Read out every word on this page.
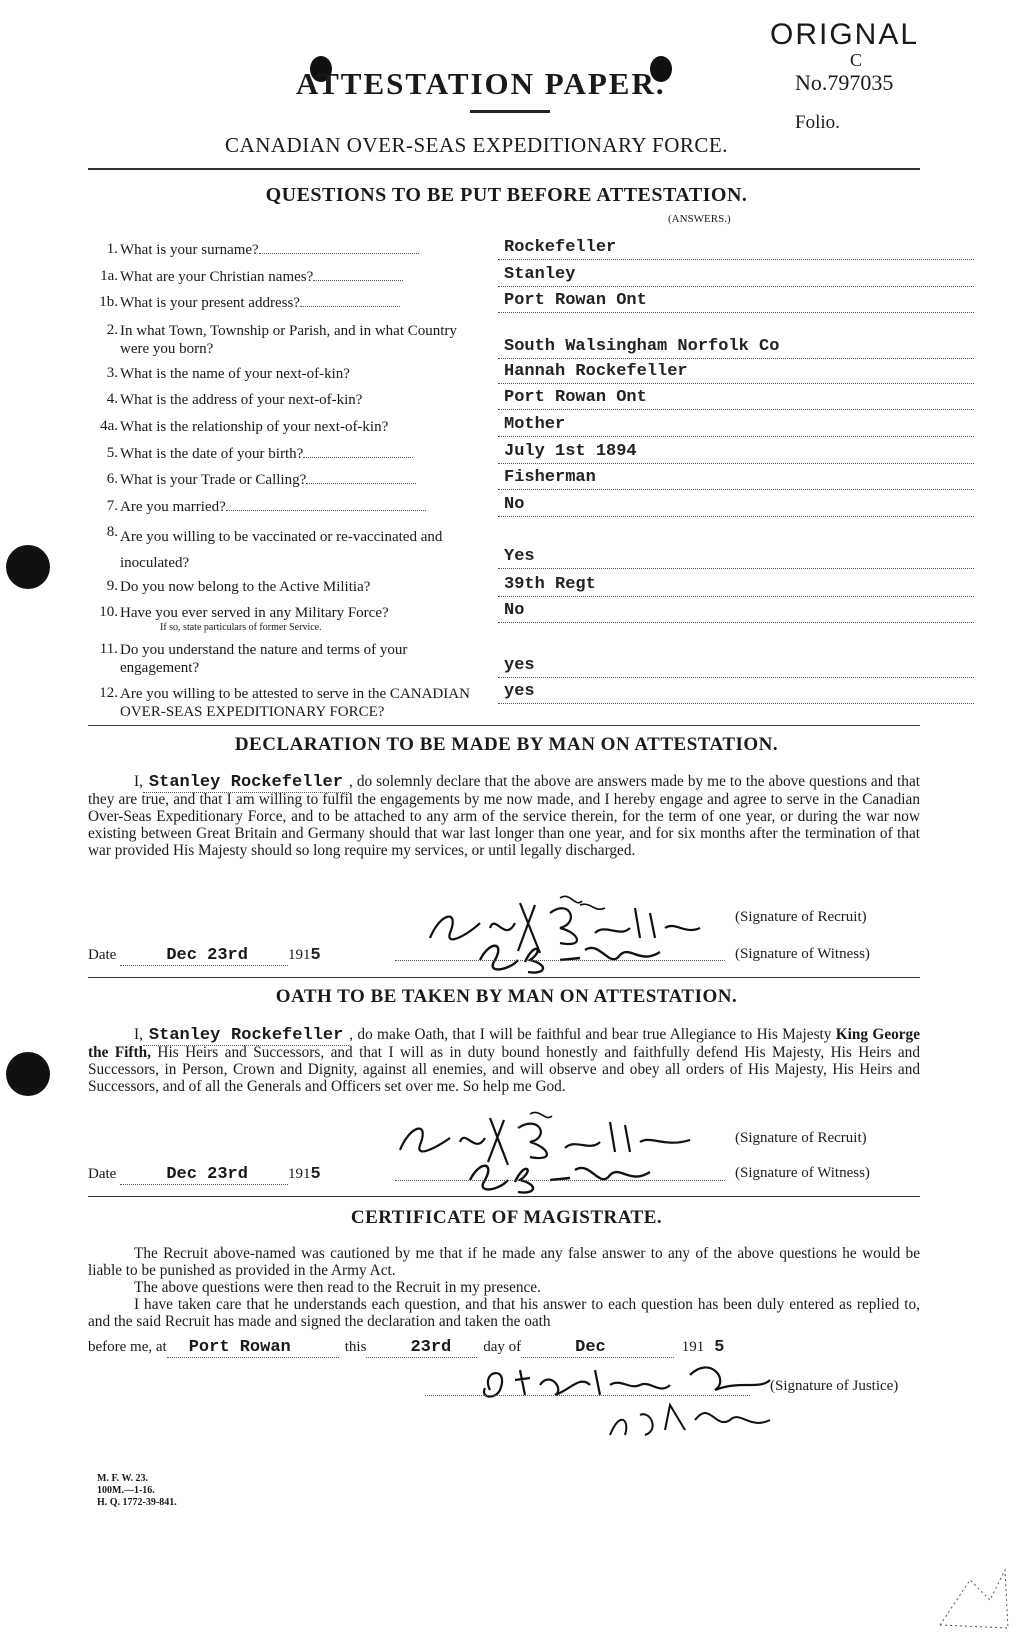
ATTESTATION PAPER.
CANADIAN OVER-SEAS EXPEDITIONARY FORCE.
ORIGNAL
C
No.797035
Folio.
QUESTIONS TO BE PUT BEFORE ATTESTATION.
(ANSWERS.)
1. What is your surname?	Rockefeller
1a. What are your Christian names?	Stanley
1b. What is your present address?	Port Rowan Ont
2. In what Town, Township or Parish, and in what Country were you born?	South Walsingham Norfolk Co
3. What is the name of your next-of-kin?	Hannah Rockefeller
4. What is the address of your next-of-kin?	Port Rowan Ont
4a. What is the relationship of your next-of-kin?	Mother
5. What is the date of your birth?	July 1st 1894
6. What is your Trade or Calling?	Fisherman
7. Are you married?	No
8. Are you willing to be vaccinated or re-vaccinated and inoculated?	Yes
9. Do you now belong to the Active Militia?	39th Regt
10. Have you ever served in any Military Force?	No
If so, state particulars of former Service.
11. Do you understand the nature and terms of your engagement?	yes
12. Are you willing to be attested to serve in the CANADIAN OVER-SEAS EXPEDITIONARY FORCE?
yes
DECLARATION TO BE MADE BY MAN ON ATTESTATION.
I, Stanley Rockefeller , do solemnly declare that the above are answers made by me to the above questions and that they are true, and that I am willing to fulfil the engagements by me now made, and I hereby engage and agree to serve in the Canadian Over-Seas Expeditionary Force, and to be attached to any arm of the service therein, for the term of one year, or during the war now existing between Great Britain and Germany should that war last longer than one year, and for six months after the termination of that war provided His Majesty should so long require my services, or until legally discharged.
(Signature of Recruit)
Date	Dec 23rd	1915	(Signature of Witness)
OATH TO BE TAKEN BY MAN ON ATTESTATION.
I, Stanley Rockefeller , do make Oath, that I will be faithful and bear true Allegiance to His Majesty King George the Fifth, His Heirs and Successors, and that I will as in duty bound honestly and faithfully defend His Majesty, His Heirs and Successors, in Person, Crown and Dignity, against all enemies, and will observe and obey all orders of His Majesty, His Heirs and Successors, and of all the Generals and Officers set over me. So help me God.
(Signature of Recruit)
Date	Dec 23rd	1915	(Signature of Witness)
CERTIFICATE OF MAGISTRATE.
The Recruit above-named was cautioned by me that if he made any false answer to any of the above questions he would be liable to be punished as provided in the Army Act.
The above questions were then read to the Recruit in my presence.
I have taken care that he understands each question, and that his answer to each question has been duly entered as replied to, and the said Recruit has made and signed the declaration and taken the oath
before me, at Port Rowan	this	23rd day of	Dec	191 5
(Signature of Justice)
M. F. W. 23.
100M.—1-16.
H. Q. 1772-39-841.
